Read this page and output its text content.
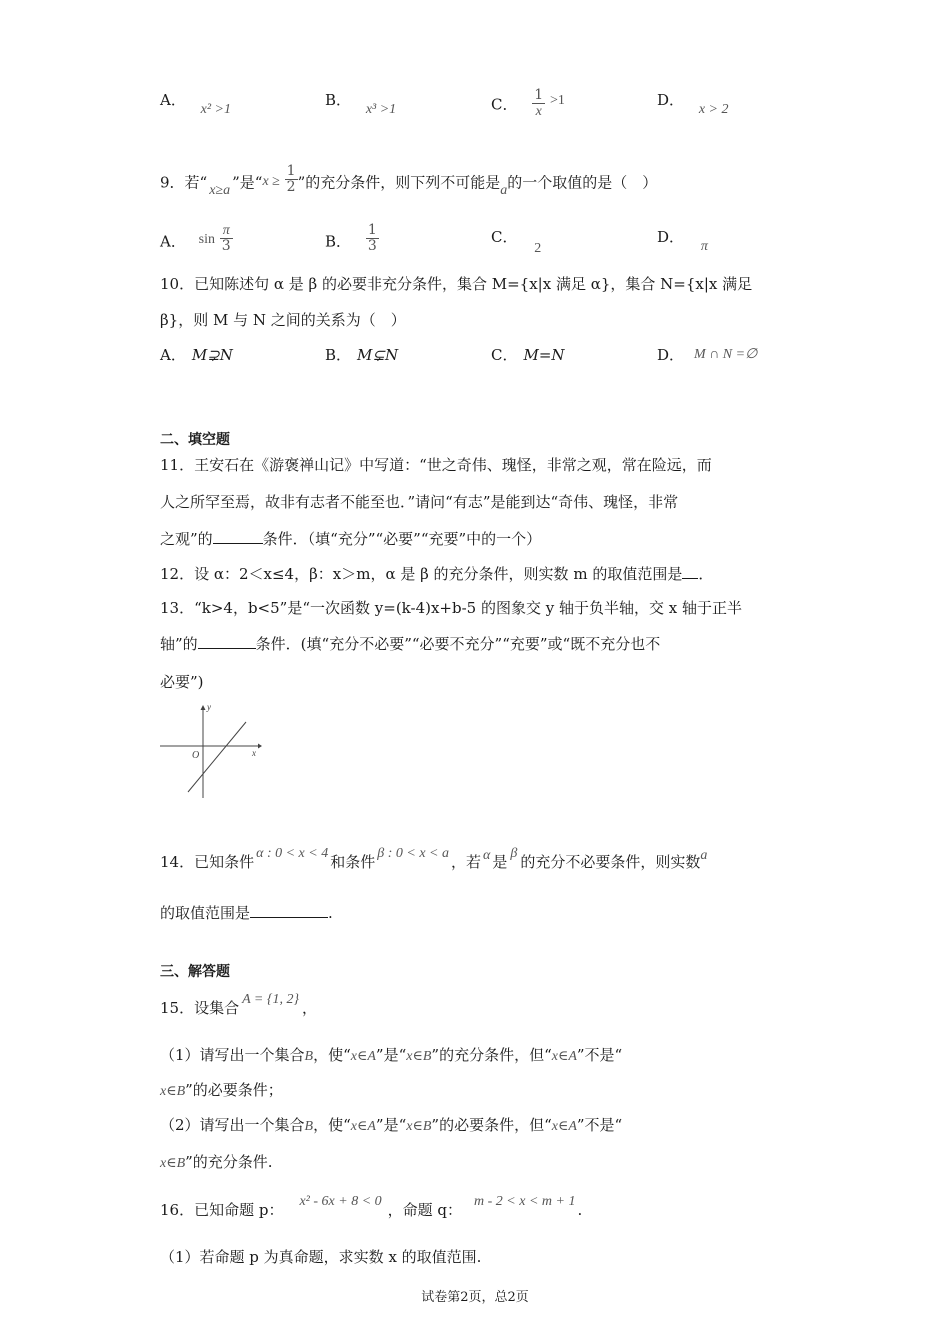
A． x² >1
B． x³ >1	C． $\frac{1}{x} >1$	D． x > 2
9．若“ x≥a ”是“$x \ge \frac{1}{2}$ ”的充分条件，则下列不可能是a的一个取值的是（　）
A． $\sin \frac{\pi}{3}$	B． $\frac{1}{3}$	C． 2
D． π
10．已知陈述句 α 是 β 的必要非充分条件，集合 M={x|x 满足 α}，集合 N={x|x 满足
β}，则 M 与 N 之间的关系为（　）
A． M⊋N	B． M⊊N	C． M=N	D． M ∩ N =∅
二、填空题
11．王安石在《游褒禅山记》中写道：“世之奇伟、瑰怪，非常之观，常在险远，而
人之所罕至焉，故非有志者不能至也．”请问“有志”是能到达“奇伟、瑰怪，非常
之观”的	条件．（填“充分”“必要”“充要”中的一个）
12．设 α：2＜x≤4，β：x＞m，α 是 β 的充分条件，则实数 m 的取值范围是 ．
13．“k>4，b<5”是“一次函数 y=(k-4)x+b-5 的图象交 y 轴于负半轴，交 x 轴于正半
轴”的	条件．(填“充分不必要”“必要不充分”“充要”或“既不充分也不
必要”)
y
x
O
14．已知条件 α : 0 < x < 4 和条件 β : 0 < x < a ，若 α 是 β 的充分不必要条件，则实数a
的取值范围是	.
三、解答题
15．设集合 A = {1, 2} ，
（1）请写出一个集合B，使“x∈A”是“x∈B”的充分条件，但“x∈A”不是“
x∈B”的必要条件；
（2）请写出一个集合B，使“x∈A”是“x∈B”的必要条件，但“x∈A”不是“
x∈B”的充分条件.
16．已知命题 p： x² - 6x + 8 < 0 ，命题 q： m - 2 < x < m + 1 .
（1）若命题 p 为真命题，求实数 x 的取值范围.
试卷第2页，总2页
